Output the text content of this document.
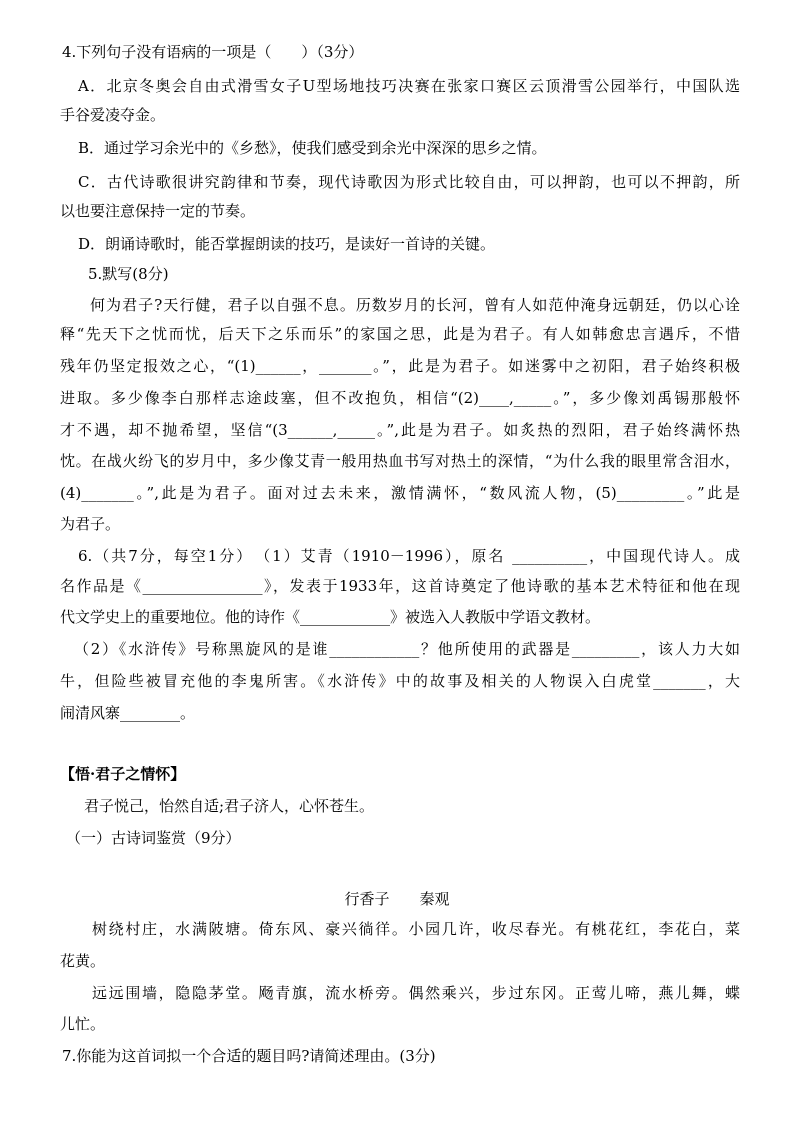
4.下列句子没有语病的一项是（　　）（3分）
A．北京冬奥会自由式滑雪女子U型场地技巧决赛在张家口赛区云顶滑雪公园举行，中国队选
手谷爱凌夺金。
B．通过学习余光中的《乡愁》，使我们感受到余光中深深的思乡之情。
C．古代诗歌很讲究韵律和节奏，现代诗歌因为形式比较自由，可以押韵，也可以不押韵，所
以也要注意保持一定的节奏。
D．朗诵诗歌时，能否掌握朗读的技巧，是读好一首诗的关键。
5.默写(8分)
何为君子?天行健，君子以自强不息。历数岁月的长河，曾有人如范仲淹身远朝廷，仍以心诠
释“先天下之忧而忧，后天下之乐而乐”的家国之思，此是为君子。有人如韩愈忠言遇斥，不惜
残年仍坚定报效之心，“(1)______，_______。”，此是为君子。如迷雾中之初阳，君子始终积极
进取。多少像李白那样志途歧塞，但不改抱负，相信“(2)____,_____。”，多少像刘禹锡那般怀
才不遇，却不抛希望，坚信“(3______,_____。”,此是为君子。如炙热的烈阳，君子始终满怀热
忱。在战火纷飞的岁月中，多少像艾青一般用热血书写对热土的深情，“为什么我的眼里常含泪水，
(4)_______。”,此是为君子。面对过去未来，激情满怀，“数风流人物，(5)_________。”此是
为君子。
6.（共7分，每空1分）　（1）艾青（1910－1996），原名 __________，中国现代诗人。成
名作品是《________________》，发表于1933年，这首诗奠定了他诗歌的基本艺术特征和他在现
代文学史上的重要地位。他的诗作《____________》被选入人教版中学语文教材。
（2）《水浒传》号称黑旋风的是谁____________？他所使用的武器是_________，该人力大如
牛，但险些被冒充他的李鬼所害。《水浒传》中的故事及相关的人物误入白虎堂_______，大
闹清风寨________。
【悟·君子之情怀】
君子悦己，怡然自适;君子济人，心怀苍生。
（一）古诗词鉴赏（9分）
行香子　　秦观
树绕村庄，水满陂塘。倚东风、豪兴徜徉。小园几许，收尽春光。有桃花红，李花白，菜
花黄。
远远围墙，隐隐茅堂。飏青旗，流水桥旁。偶然乘兴，步过东冈。正莺儿啼，燕儿舞，蝶
儿忙。
7.你能为这首词拟一个合适的题目吗?请简述理由。(3分)
